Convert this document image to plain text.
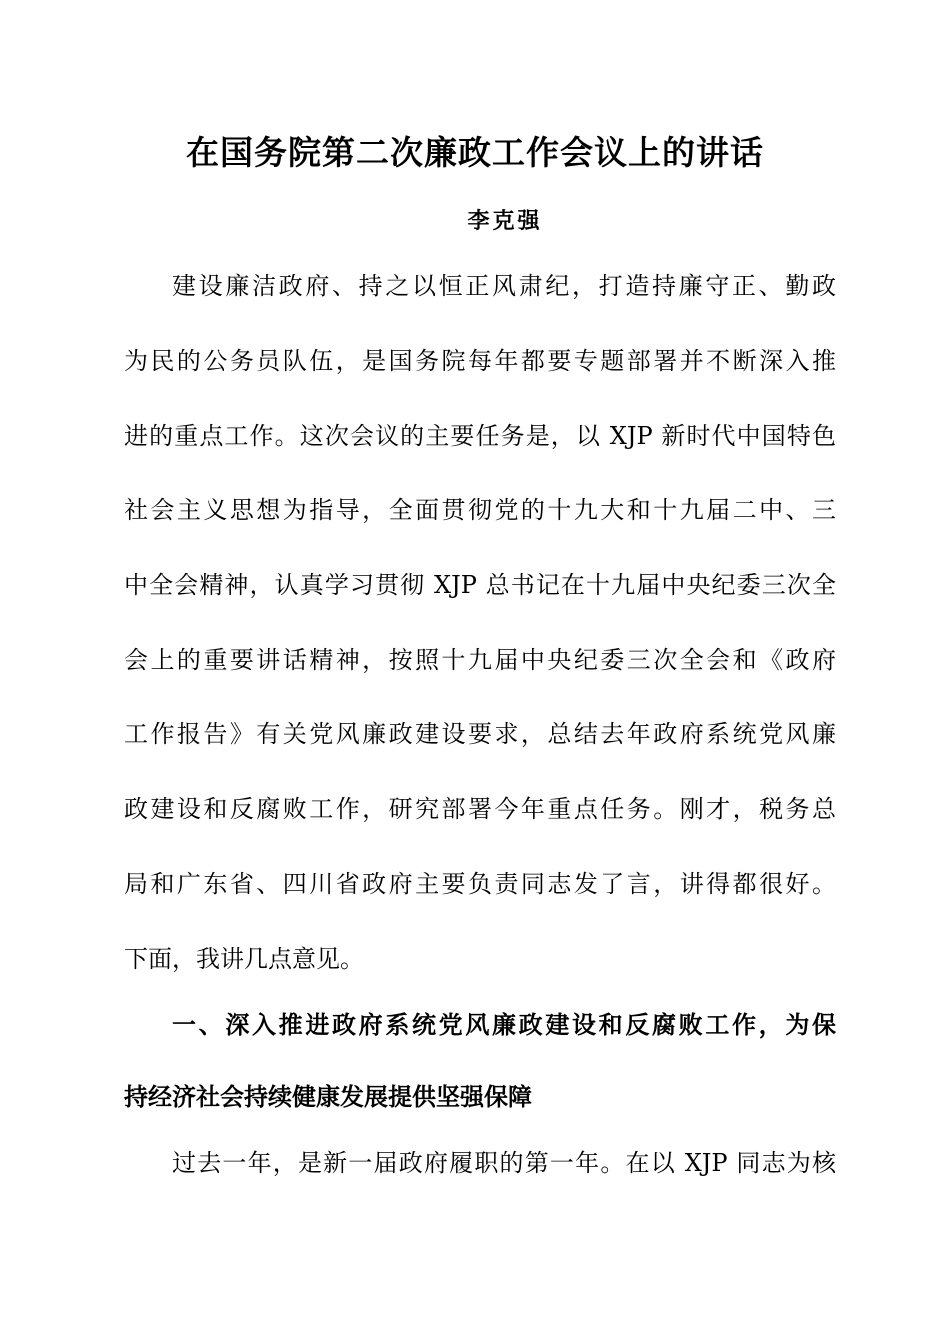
在国务院第二次廉政工作会议上的讲话
李克强
建设廉洁政府、持之以恒正风肃纪，打造持廉守正、勤政
为民的公务员队伍，是国务院每年都要专题部署并不断深入推
进的重点工作。这次会议的主要任务是，以 XJP 新时代中国特色
社会主义思想为指导，全面贯彻党的十九大和十九届二中、三
中全会精神，认真学习贯彻 XJP 总书记在十九届中央纪委三次全
会上的重要讲话精神，按照十九届中央纪委三次全会和《政府
工作报告》有关党风廉政建设要求，总结去年政府系统党风廉
政建设和反腐败工作，研究部署今年重点任务。刚才，税务总
局和广东省、四川省政府主要负责同志发了言，讲得都很好。
下面，我讲几点意见。
一、深入推进政府系统党风廉政建设和反腐败工作，为保
持经济社会持续健康发展提供坚强保障
过去一年，是新一届政府履职的第一年。在以 XJP 同志为核
